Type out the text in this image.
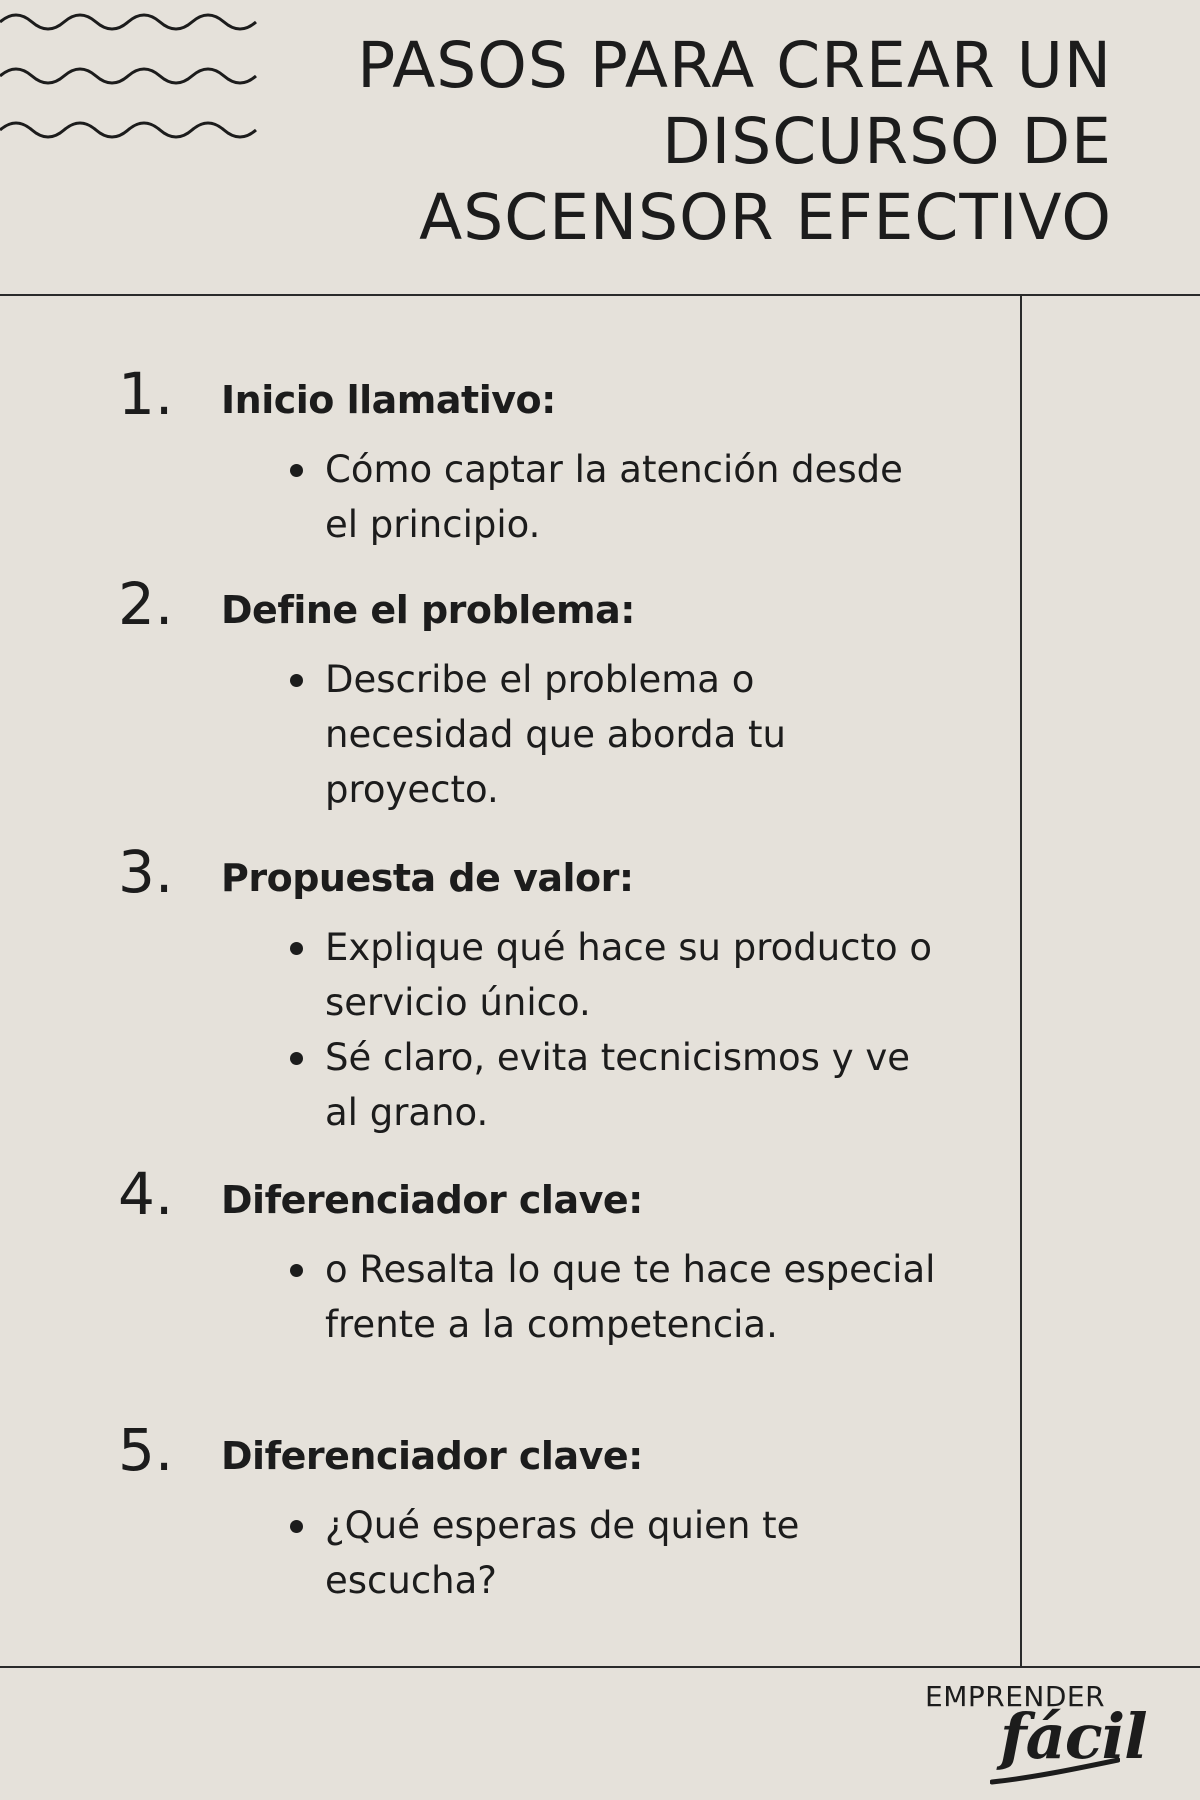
PASOS PARA CREAR UN
DISCURSO DE
ASCENSOR EFECTIVO
1. Inicio llamativo:
Cómo captar la atención desde el principio.
2. Define el problema:
Describe el problema o necesidad que aborda tu proyecto.
3. Propuesta de valor:
Explique qué hace su producto o servicio único.
Sé claro, evita tecnicismos y ve al grano.
4. Diferenciador clave:
o Resalta lo que te hace especial frente a la competencia.
5. Diferenciador clave:
¿Qué esperas de quien te escucha?
EMPRENDER
fácil
